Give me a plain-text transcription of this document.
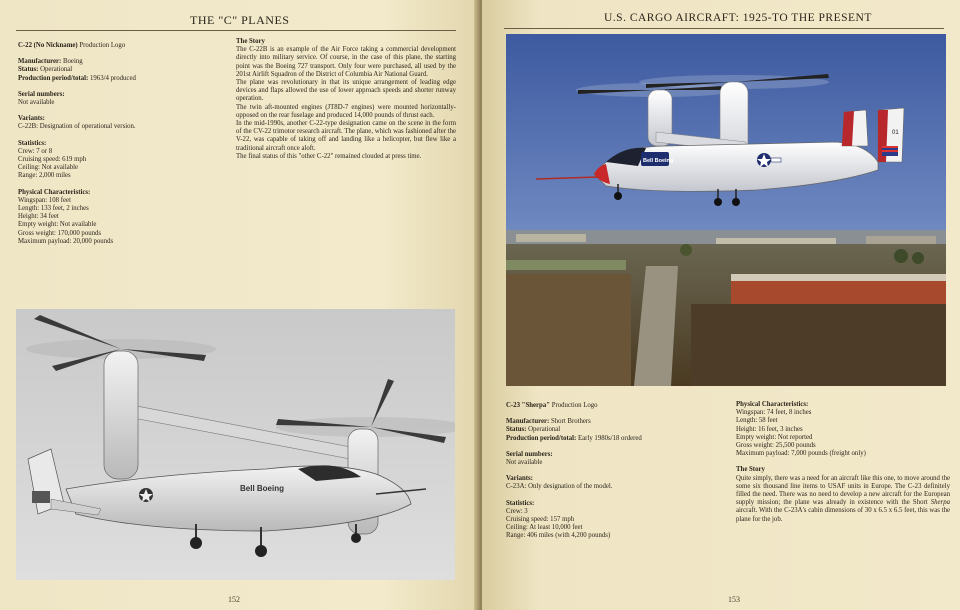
THE "C" PLANES

C-22 (No Nickname) Production Logo

Manufacturer: Boeing

Status: Operational

Production period/total: 1963/4 produced

Serial numbers:

Not available

Variants:

C-22B: Designation of operational version.

Statistics:

Crew: 7 or 8

Cruising speed: 619 mph

Ceiling: Not available

Range: 2,000 miles

Physical Characteristics:

Wingspan: 108 feet

Length: 133 feet, 2 inches

Height: 34 feet

Empty weight: Not available

Gross weight: 170,000 pounds

Maximum payload: 20,000 pounds

The Story

The C-22B is an example of the Air Force taking a commercial development directly into military service. Of course, in the case of this plane, the starting point was the Boeing 727 transport. Only four were purchased, all used by the 201st Airlift Squadron of the District of Columbia Air National Guard.

The plane was revolutionary in that its unique arrangement of leading edge devices and flaps allowed the use of lower approach speeds and shorter runway operation.

The twin aft-mounted engines (JT8D-7 engines) were mounted horizontally-opposed on the rear fuselage and produced 14,000 pounds of thrust each.

In the mid-1990s, another C-22-type designation came on the scene in the form of the CV-22 trimotor research aircraft. The plane, which was fashioned after the V-22, was capable of taking off and landing like a helicopter, but flew like a traditional aircraft once aloft.

The final status of this "other C-22" remained clouded at press time.

Bell Boeing
152
U.S. CARGO AIRCRAFT: 1925-TO THE PRESENT
01
Bell Boeing

C-23 "Sherpa" Production Logo

Manufacturer: Short Brothers

Status: Operational

Production period/total: Early 1980s/18 ordered

Serial numbers:

Not available

Variants:

C-23A: Only designation of the model.

Statistics:

Crew: 3

Cruising speed: 157 mph

Ceiling: At least 10,000 feet

Range: 406 miles (with 4,200 pounds)

Physical Characteristics:

Wingspan: 74 feet, 8 inches

Length: 58 feet

Height: 16 feet, 3 inches

Empty weight: Not reported

Gross weight: 25,500 pounds

Maximum payload: 7,000 pounds (freight only)

The Story

Quite simply, there was a need for an aircraft like this one, to move around the some six thousand line items to USAF units in Europe. The C-23 definitely filled the need. There was no need to develop a new aircraft for the European supply mission; the plane was already in existence with the Short Sherpa aircraft. With the C-23A's cabin dimensions of 30 x 6.5 x 6.5 feet, this was the plane for the job.

153
